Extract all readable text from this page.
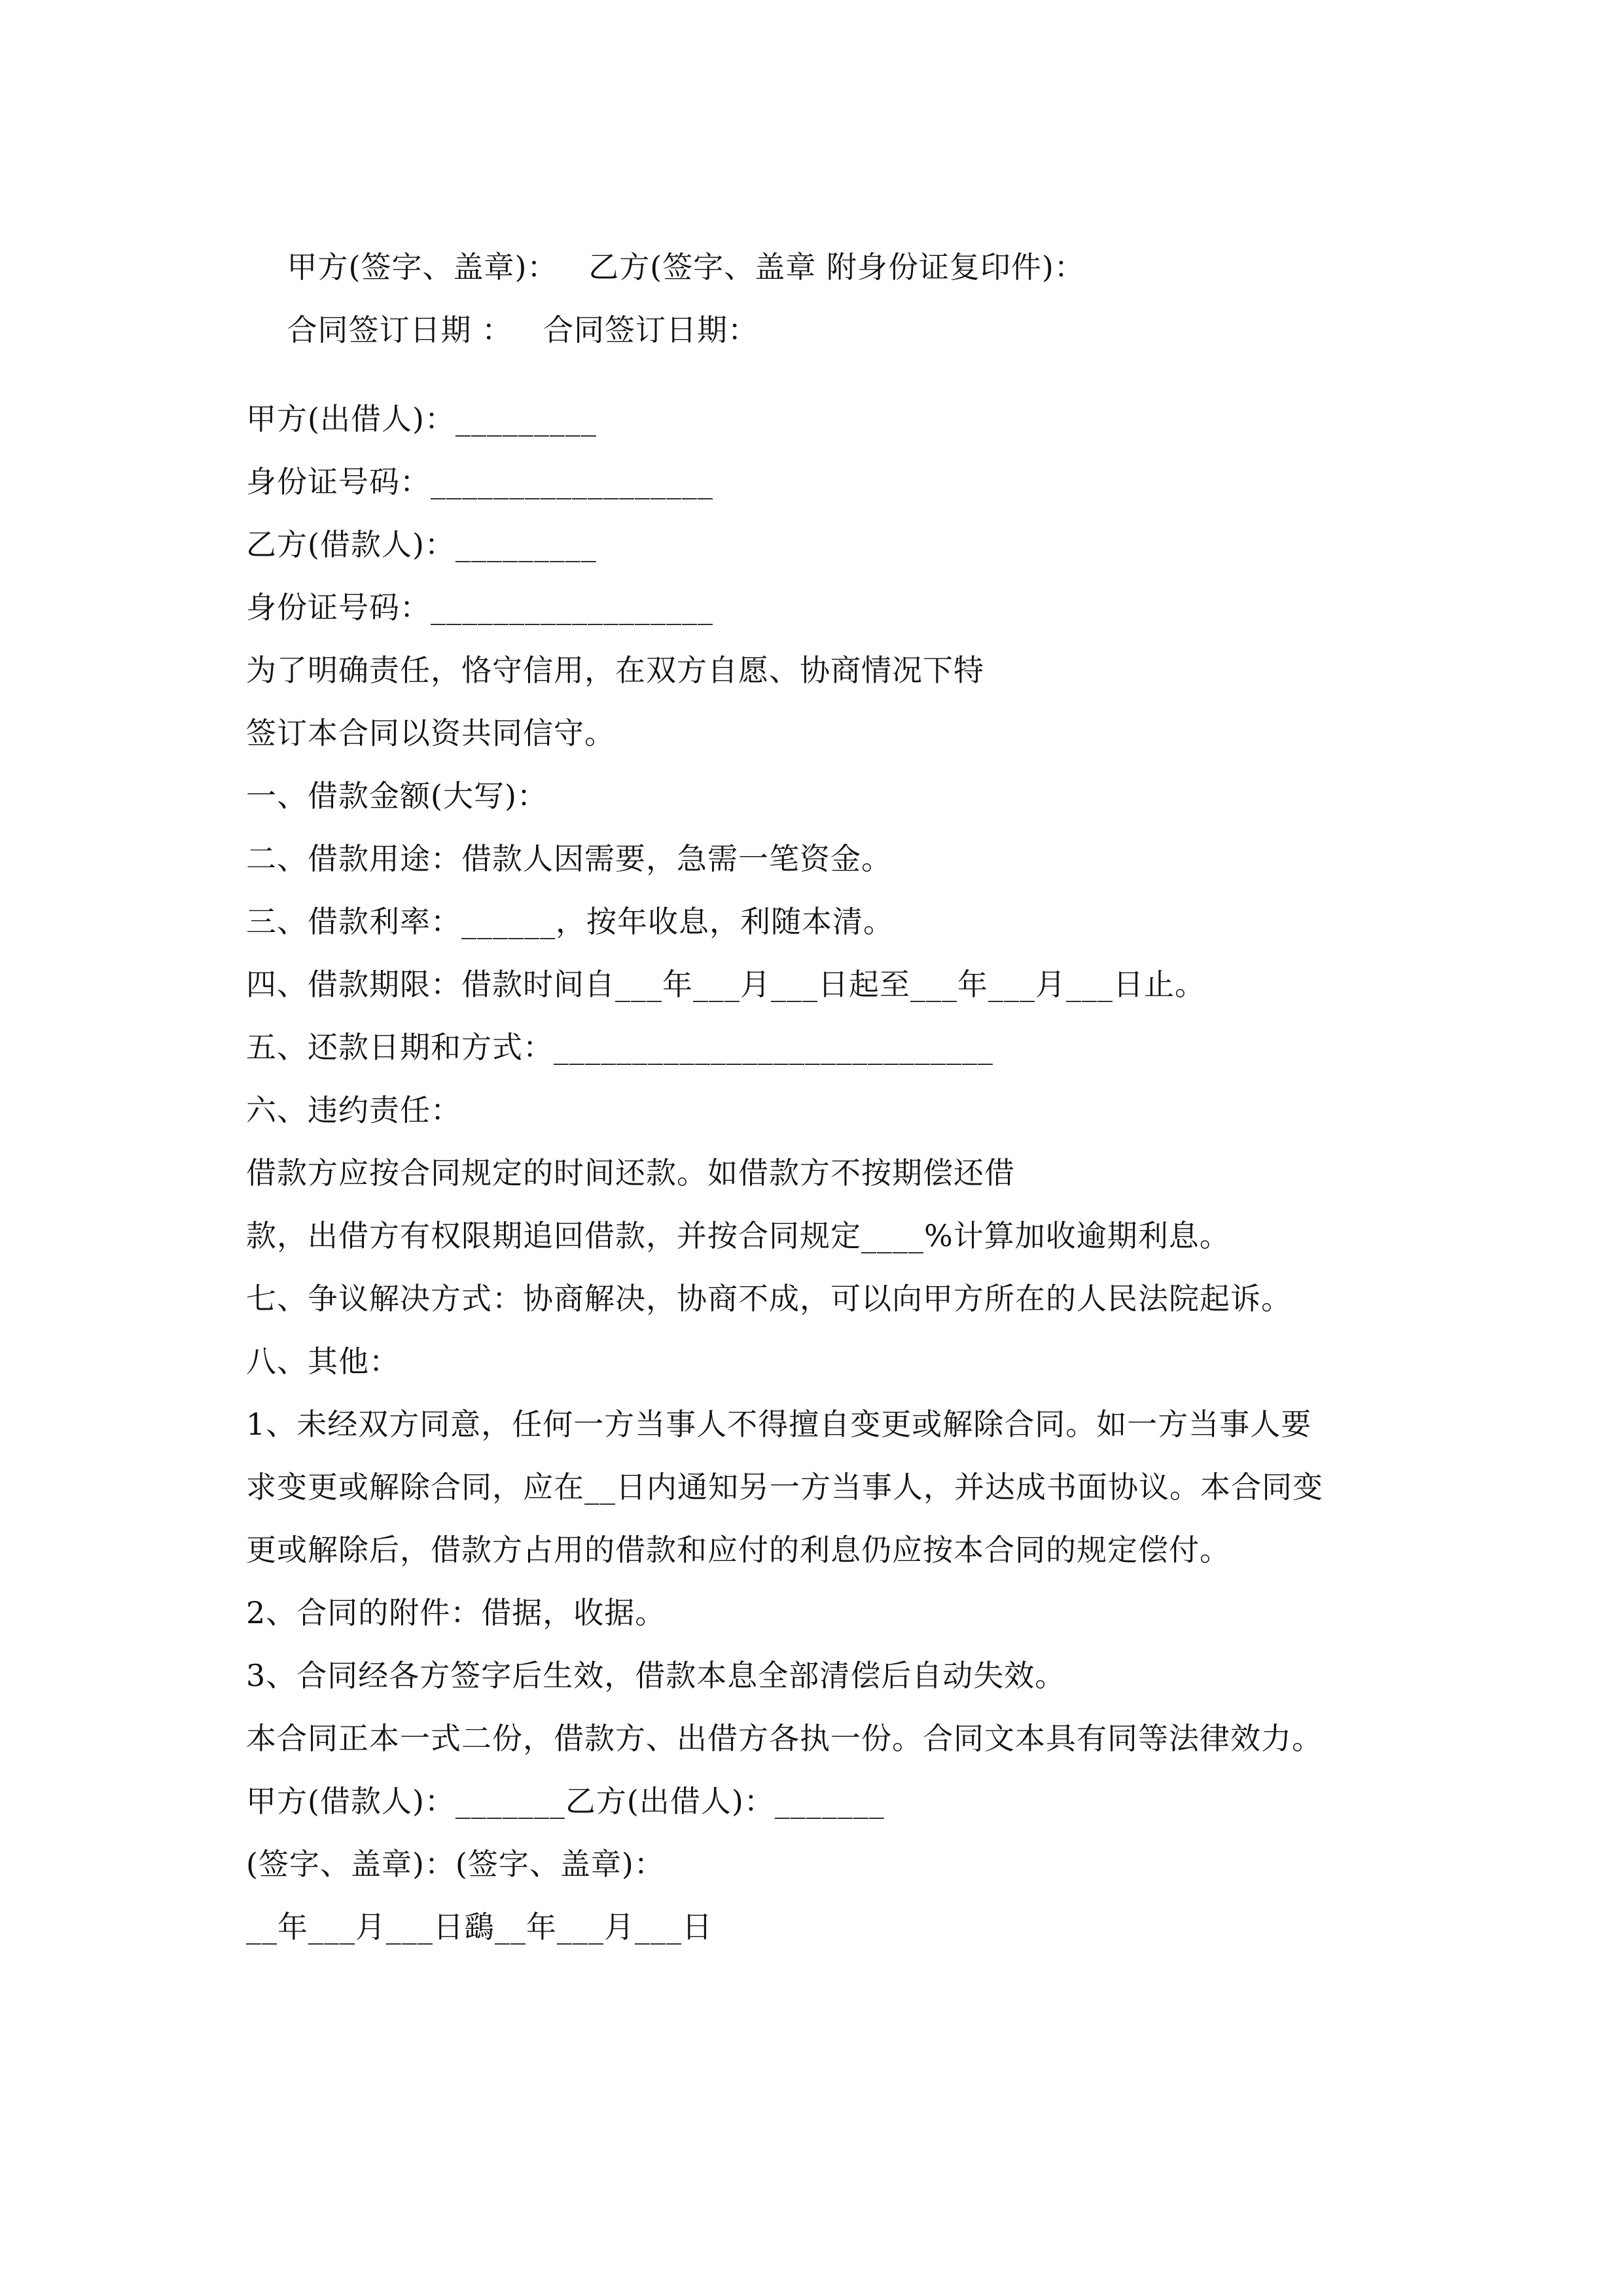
甲方(签字、盖章)： 乙方(签字、盖章 附身份证复印件)：

合同签订日期 ： 合同签订日期：

甲方(出借人)：_________
身份证号码：__________________
乙方(借款人)：_________
身份证号码：__________________
为了明确责任，恪守信用，在双方自愿、协商情况下特
签订本合同以资共同信守。
一、借款金额(大写)：
二、借款用途：借款人因需要，急需一笔资金。
三、借款利率：______，按年收息，利随本清。
四、借款期限：借款时间自___年___月___日起至___年___月___日止。
五、还款日期和方式：____________________________
六、违约责任：
借款方应按合同规定的时间还款。如借款方不按期偿还借
款，出借方有权限期追回借款，并按合同规定____%计算加收逾期利息。
七、争议解决方式：协商解决，协商不成，可以向甲方所在的人民法院起诉。
八、其他：
1、未经双方同意，任何一方当事人不得擅自变更或解除合同。如一方当事人要
求变更或解除合同，应在__日内通知另一方当事人，并达成书面协议。本合同变
更或解除后，借款方占用的借款和应付的利息仍应按本合同的规定偿付。
2、合同的附件：借据，收据。
3、合同经各方签字后生效，借款本息全部清偿后自动失效。
本合同正本一式二份，借款方、出借方各执一份。合同文本具有同等法律效力。
甲方(借款人)：_______乙方(出借人)：_______
(签字、盖章)：(签字、盖章)：
__年___月___日鷂__年___月___日
